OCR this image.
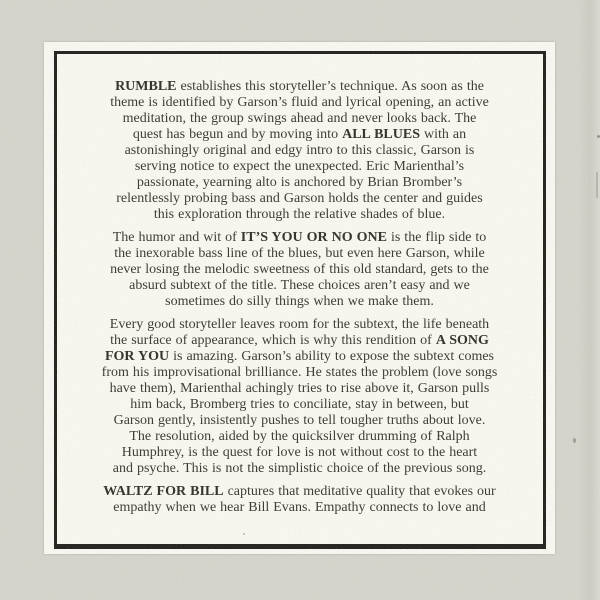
RUMBLE establishes this storyteller’s technique. As soon as the
theme is identified by Garson’s fluid and lyrical opening, an active
meditation, the group swings ahead and never looks back. The
quest has begun and by moving into ALL BLUES with an
astonishingly original and edgy intro to this classic, Garson is
serving notice to expect the unexpected. Eric Marienthal’s
passionate, yearning alto is anchored by Brian Bromber’s
relentlessly probing bass and Garson holds the center and guides
this exploration through the relative shades of blue.

The humor and wit of IT’S YOU OR NO ONE is the flip side to
the inexorable bass line of the blues, but even here Garson, while
never losing the melodic sweetness of this old standard, gets to the
absurd subtext of the title. These choices aren’t easy and we
sometimes do silly things when we make them.

Every good storyteller leaves room for the subtext, the life beneath
the surface of appearance, which is why this rendition of A SONG
FOR YOU is amazing. Garson’s ability to expose the subtext comes
from his improvisational brilliance. He states the problem (love songs
have them), Marienthal achingly tries to rise above it, Garson pulls
him back, Bromberg tries to conciliate, stay in between, but
Garson gently, insistently pushes to tell tougher truths about love.
The resolution, aided by the quicksilver drumming of Ralph
Humphrey, is the quest for love is not without cost to the heart
and psyche. This is not the simplistic choice of the previous song.

WALTZ FOR BILL captures that meditative quality that evokes our
empathy when we hear Bill Evans. Empathy connects to love and
